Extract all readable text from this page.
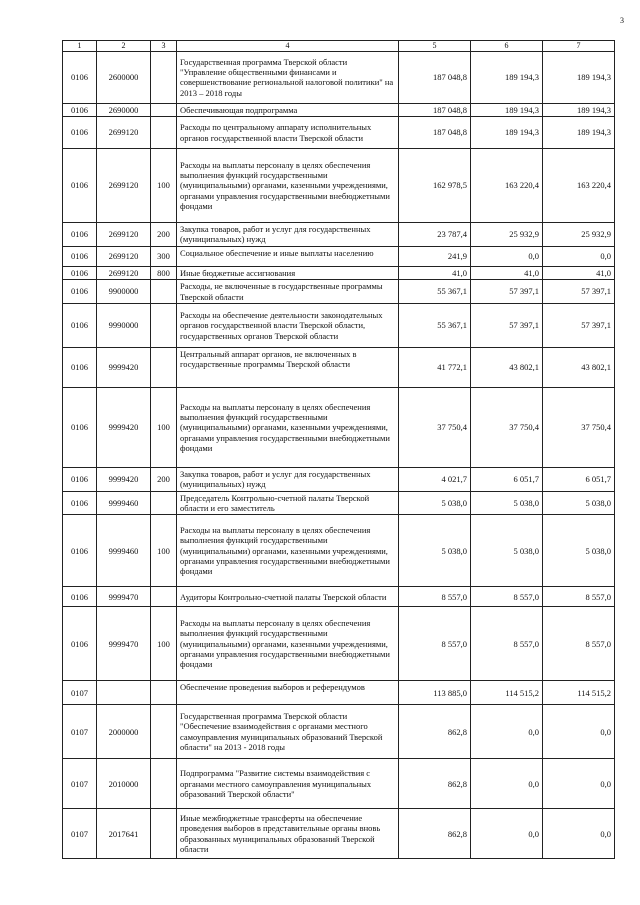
3
1	2	3	4	5	6	7
0106	2600000		Государственная программа Тверской области "Управление общественными финансами и совершенствование региональной налоговой политики" на 2013 – 2018 годы	187 048,8	189 194,3	189 194,3
0106	2690000		Обеспечивающая подпрограмма	187 048,8	189 194,3	189 194,3
0106	2699120		Расходы по центральному аппарату исполнительных органов государственной власти Тверской области	187 048,8	189 194,3	189 194,3
0106	2699120	100	Расходы на выплаты персоналу в целях обеспечения выполнения функций государственными (муниципальными) органами, казенными учреждениями, органами управления государственными внебюджетными фондами	162 978,5	163 220,4	163 220,4
0106	2699120	200	Закупка товаров, работ и услуг для государственных (муниципальных) нужд	23 787,4	25 932,9	25 932,9
0106	2699120	300	Социальное обеспечение и иные выплаты населению	241,9	0,0	0,0
0106	2699120	800	Иные бюджетные ассигнования	41,0	41,0	41,0
0106	9900000		Расходы, не включенные в государственные программы Тверской области	55 367,1	57 397,1	57 397,1
0106	9990000		Расходы на обеспечение деятельности законодательных органов государственной власти Тверской области, государственных органов Тверской области	55 367,1	57 397,1	57 397,1
0106	9999420		Центральный аппарат органов, не включенных в государственные программы Тверской области	41 772,1	43 802,1	43 802,1
0106	9999420	100	Расходы на выплаты персоналу в целях обеспечения выполнения функций государственными (муниципальными) органами, казенными учреждениями, органами управления государственными внебюджетными фондами	37 750,4	37 750,4	37 750,4
0106	9999420	200	Закупка товаров, работ и услуг для государственных (муниципальных) нужд	4 021,7	6 051,7	6 051,7
0106	9999460		Председатель Контрольно-счетной палаты Тверской области и его заместитель	5 038,0	5 038,0	5 038,0
0106	9999460	100	Расходы на выплаты персоналу в целях обеспечения выполнения функций государственными (муниципальными) органами, казенными учреждениями, органами управления государственными внебюджетными фондами	5 038,0	5 038,0	5 038,0
0106	9999470		Аудиторы Контрольно-счетной палаты Тверской области	8 557,0	8 557,0	8 557,0
0106	9999470	100	Расходы на выплаты персоналу в целях обеспечения выполнения функций государственными (муниципальными) органами, казенными учреждениями, органами управления государственными внебюджетными фондами	8 557,0	8 557,0	8 557,0
0107			Обеспечение проведения выборов и референдумов	113 885,0	114 515,2	114 515,2
0107	2000000		Государственная программа Тверской области "Обеспечение взаимодействия с органами местного самоуправления муниципальных образований Тверской области" на 2013 - 2018 годы	862,8	0,0	0,0
0107	2010000		Подпрограмма "Развитие системы взаимодействия с органами местного самоуправления муниципальных образований Тверской области"	862,8	0,0	0,0
0107	2017641		Иные межбюджетные трансферты на обеспечение проведения выборов в представительные органы вновь образованных муниципальных образований Тверской области	862,8	0,0	0,0
